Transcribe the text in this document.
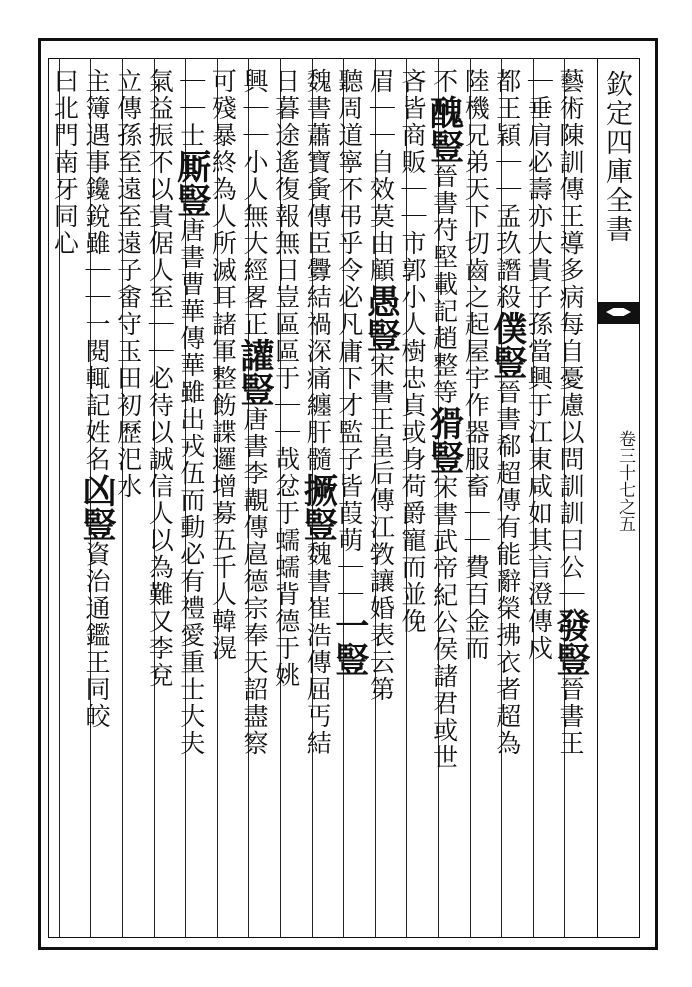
欽定四庫全書
卷三十七之五
藝術陳訓傳王導多病每自憂慮以問訓訓曰公｜發豎晉書王
｜垂肩必壽亦大貴子孫當興于江東咸如其言澄傳戍
都王穎｜｜孟玖譖殺僕豎晉書郗超傳有能辭榮拂衣者超為
陸機兄弟天下切齒之起屋宇作器服畜｜｜費百金而
不醜豎晉書苻堅載記趙整等猾豎宋書武帝紀公侯諸君或世
吝皆商販｜｜市郭小人樹忠貞或身荷爵寵而並俛
眉｜｜自效莫由顧愚豎宋書王皇后傳江敩讓婚表云第
聽周道寧不弔乎令必凡庸下才監子皆葭萌｜｜一豎
魏書蕭寶夤傳臣釁結禍深痛纏肝髓撅豎魏書崔浩傳屈丐結
日暮途遙復報無日豈區區于｜｜哉忿于蠕蠕背德于姚
興｜｜小人無大經畧正讙豎唐書李覯傳扈德宗奉天詔盡察
可殘暴終為人所滅耳諸軍整飭諜邏增募五千人韓滉
｜｜士厮豎唐書曹華傳華雖出戎伍而動必有禮愛重士大夫
氣益振不以貴倨人至｜｜必待以誠信人以為難又李兗
立傳孫至遠至遠子畬守玉田初歷汜水
主簿遇事鑱銳雖｜｜一閱輒記姓名凶豎資治通鑑王同皎
曰北門南牙同心
